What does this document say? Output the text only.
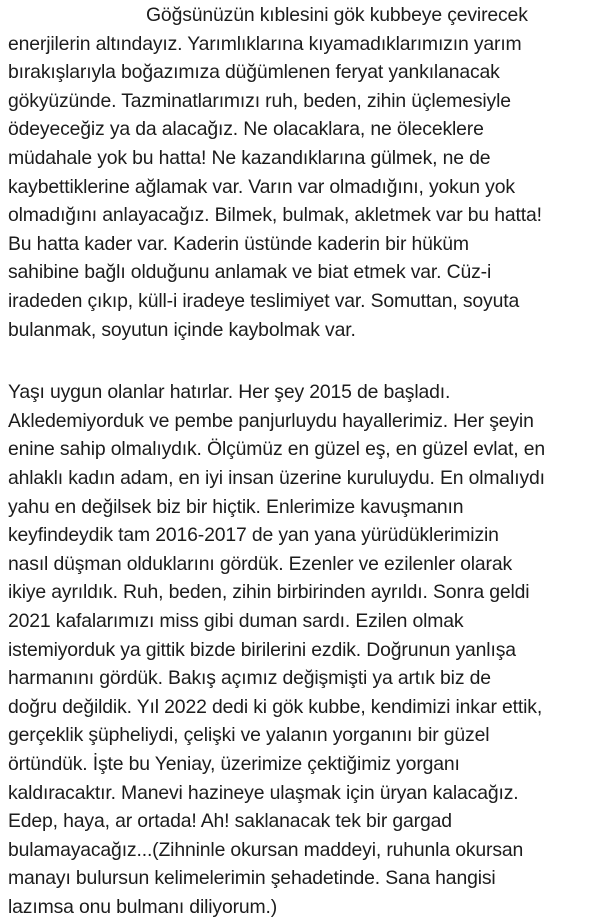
Göğsünüzün kıblesini gök kubbeye çevirecek
enerjilerin altındayız. Yarımlıklarına kıyamadıklarımızın yarım
bırakışlarıyla boğazımıza düğümlenen feryat yankılanacak
gökyüzünde. Tazminatlarımızı ruh, beden, zihin üçlemesiyle
ödeyeceğiz ya da alacağız. Ne olacaklara, ne öleceklere
müdahale yok bu hatta! Ne kazandıklarına gülmek, ne de
kaybettiklerine ağlamak var. Varın var olmadığını, yokun yok
olmadığını anlayacağız. Bilmek, bulmak, akletmek var bu hatta!
Bu hatta kader var. Kaderin üstünde kaderin bir hüküm
sahibine bağlı olduğunu anlamak ve biat etmek var. Cüz-i
iradeden çıkıp, küll-i iradeye teslimiyet var. Somuttan, soyuta
bulanmak, soyutun içinde kaybolmak var.
Yaşı uygun olanlar hatırlar. Her şey 2015 de başladı.
Akledemiyorduk ve pembe panjurluydu hayallerimiz. Her şeyin
enine sahip olmalıydık. Ölçümüz en güzel eş, en güzel evlat, en
ahlaklı kadın adam, en iyi insan üzerine kuruluydu. En olmalıydı
yahu en değilsek biz bir hiçtik. Enlerimize kavuşmanın
keyfindeydik tam 2016-2017 de yan yana yürüdüklerimizin
nasıl düşman olduklarını gördük. Ezenler ve ezilenler olarak
ikiye ayrıldık. Ruh, beden, zihin birbirinden ayrıldı. Sonra geldi
2021 kafalarımızı miss gibi duman sardı. Ezilen olmak
istemiyorduk ya gittik bizde birilerini ezdik. Doğrunun yanlışa
harmanını gördük. Bakış açımız değişmişti ya artık biz de
doğru değildik. Yıl 2022 dedi ki gök kubbe, kendimizi inkar ettik,
gerçeklik şüpheliydi, çelişki ve yalanın yorganını bir güzel
örtündük. İşte bu Yeniay, üzerimize çektiğimiz yorganı
kaldıracaktır. Manevi hazineye ulaşmak için üryan kalacağız.
Edep, haya, ar ortada! Ah! saklanacak tek bir gargad
bulamayacağız...(Zihninle okursan maddeyi, ruhunla okursan
manayı bulursun kelimelerimin şehadetinde. Sana hangisi
lazımsa onu bulmanı diliyorum.)
